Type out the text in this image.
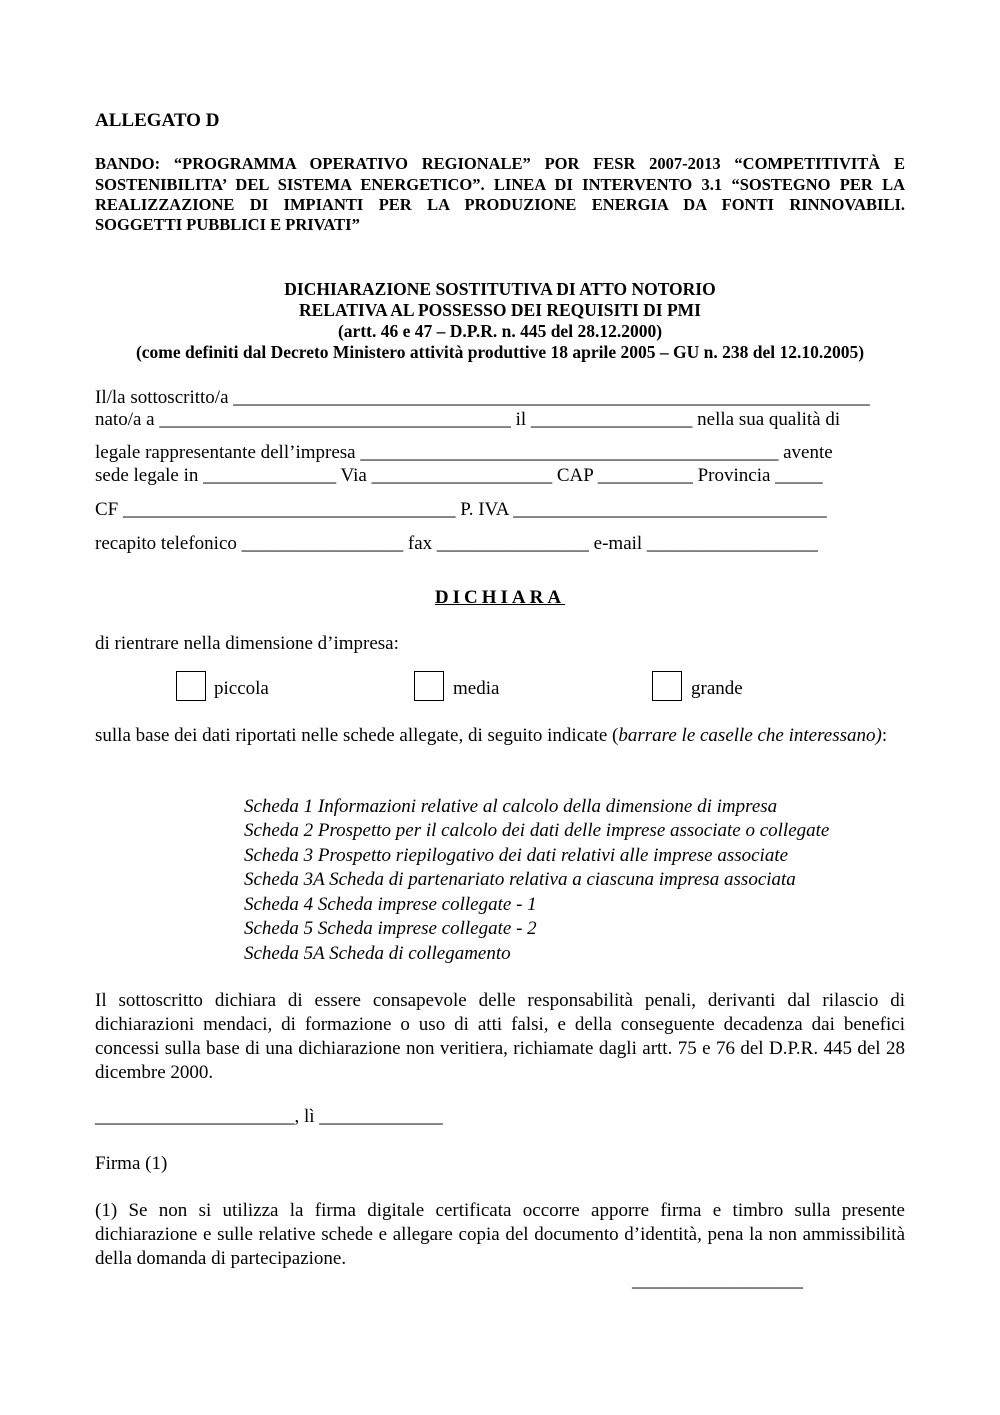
ALLEGATO D
BANDO: “PROGRAMMA OPERATIVO REGIONALE” POR FESR 2007-2013 “COMPETITIVITÀ E
SOSTENIBILITA’ DEL SISTEMA ENERGETICO”. LINEA DI INTERVENTO 3.1 “SOSTEGNO PER LA
REALIZZAZIONE DI IMPIANTI PER LA PRODUZIONE ENERGIA DA FONTI RINNOVABILI.
SOGGETTI PUBBLICI E PRIVATI”
DICHIARAZIONE SOSTITUTIVA DI ATTO NOTORIO
RELATIVA AL POSSESSO DEI REQUISITI DI PMI
(artt. 46 e 47 – D.P.R. n. 445 del 28.12.2000)
(come definiti dal Decreto Ministero attività produttive 18 aprile 2005 – GU n. 238 del 12.10.2005)
Il/la sottoscritto/a ___________________________________________________________________
nato/a a _____________________________________ il _________________ nella sua qualità di
legale rappresentante dell’impresa ____________________________________________ avente
sede legale in ______________ Via ___________________ CAP __________ Provincia _____
CF ___________________________________ P. IVA _________________________________
recapito telefonico _________________ fax ________________ e-mail __________________
DICHIARA
di rientrare nella dimensione d’impresa:
piccola	media	grande
sulla base dei dati riportati nelle schede allegate, di seguito indicate (barrare le caselle che interessano):
Scheda 1 Informazioni relative al calcolo della dimensione di impresa
Scheda 2 Prospetto per il calcolo dei dati delle imprese associate o collegate
Scheda 3 Prospetto riepilogativo dei dati relativi alle imprese associate
Scheda 3A Scheda di partenariato relativa a ciascuna impresa associata
Scheda 4 Scheda imprese collegate - 1
Scheda 5 Scheda imprese collegate - 2
Scheda 5A Scheda di collegamento
Il sottoscritto dichiara di essere consapevole delle responsabilità penali, derivanti dal rilascio di dichiarazioni mendaci, di formazione o uso di atti falsi, e della conseguente decadenza dai benefici concessi sulla base di una dichiarazione non veritiera, richiamate dagli artt. 75 e 76 del D.P.R. 445 del 28 dicembre 2000.
_____________________, lì _____________
Firma (1)
(1) Se non si utilizza la firma digitale certificata occorre apporre firma e timbro sulla presente dichiarazione e sulle relative schede e allegare copia del documento d’identità, pena la non ammissibilità della domanda di partecipazione.
__________________
